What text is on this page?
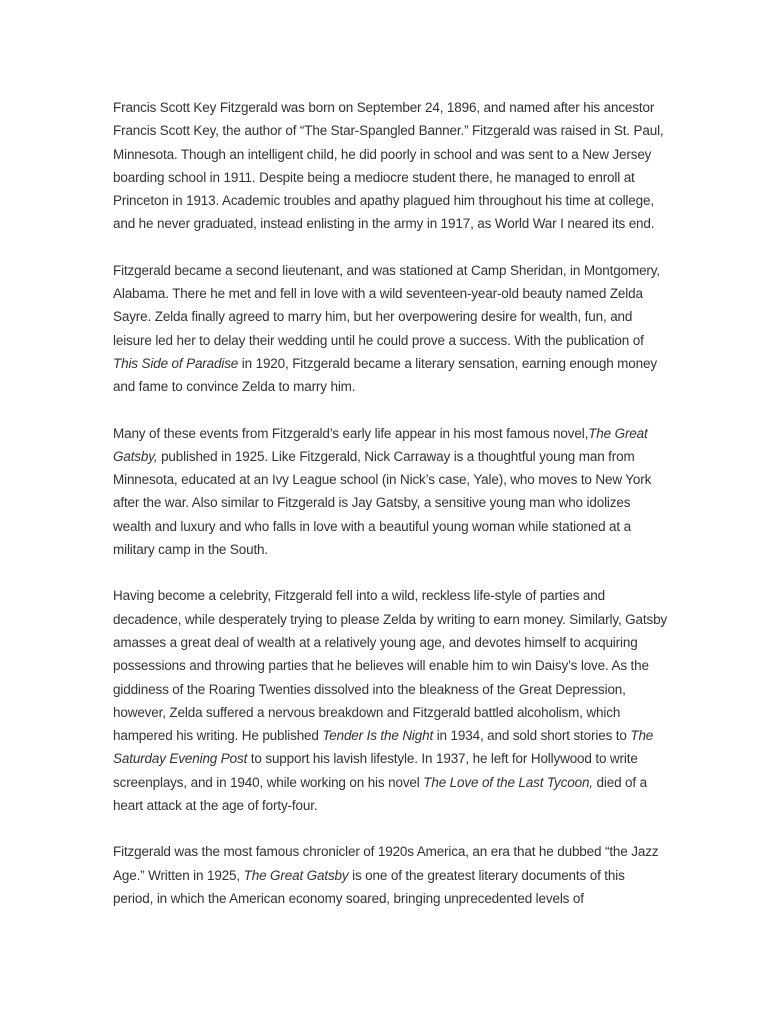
Francis Scott Key Fitzgerald was born on September 24, 1896, and named after his ancestor Francis Scott Key, the author of “The Star-Spangled Banner.” Fitzgerald was raised in St. Paul, Minnesota. Though an intelligent child, he did poorly in school and was sent to a New Jersey boarding school in 1911. Despite being a mediocre student there, he managed to enroll at Princeton in 1913. Academic troubles and apathy plagued him throughout his time at college, and he never graduated, instead enlisting in the army in 1917, as World War I neared its end.

Fitzgerald became a second lieutenant, and was stationed at Camp Sheridan, in Montgomery, Alabama. There he met and fell in love with a wild seventeen-year-old beauty named Zelda Sayre. Zelda finally agreed to marry him, but her overpowering desire for wealth, fun, and leisure led her to delay their wedding until he could prove a success. With the publication of This Side of Paradise in 1920, Fitzgerald became a literary sensation, earning enough money and fame to convince Zelda to marry him.

Many of these events from Fitzgerald’s early life appear in his most famous novel,The Great Gatsby, published in 1925. Like Fitzgerald, Nick Carraway is a thoughtful young man from Minnesota, educated at an Ivy League school (in Nick’s case, Yale), who moves to New York after the war. Also similar to Fitzgerald is Jay Gatsby, a sensitive young man who idolizes wealth and luxury and who falls in love with a beautiful young woman while stationed at a military camp in the South.

Having become a celebrity, Fitzgerald fell into a wild, reckless life-style of parties and decadence, while desperately trying to please Zelda by writing to earn money. Similarly, Gatsby amasses a great deal of wealth at a relatively young age, and devotes himself to acquiring possessions and throwing parties that he believes will enable him to win Daisy’s love. As the giddiness of the Roaring Twenties dissolved into the bleakness of the Great Depression, however, Zelda suffered a nervous breakdown and Fitzgerald battled alcoholism, which hampered his writing. He published Tender Is the Night in 1934, and sold short stories to The Saturday Evening Post to support his lavish lifestyle. In 1937, he left for Hollywood to write screenplays, and in 1940, while working on his novel The Love of the Last Tycoon, died of a heart attack at the age of forty-four.

Fitzgerald was the most famous chronicler of 1920s America, an era that he dubbed “the Jazz Age.” Written in 1925, The Great Gatsby is one of the greatest literary documents of this period, in which the American economy soared, bringing unprecedented levels of
